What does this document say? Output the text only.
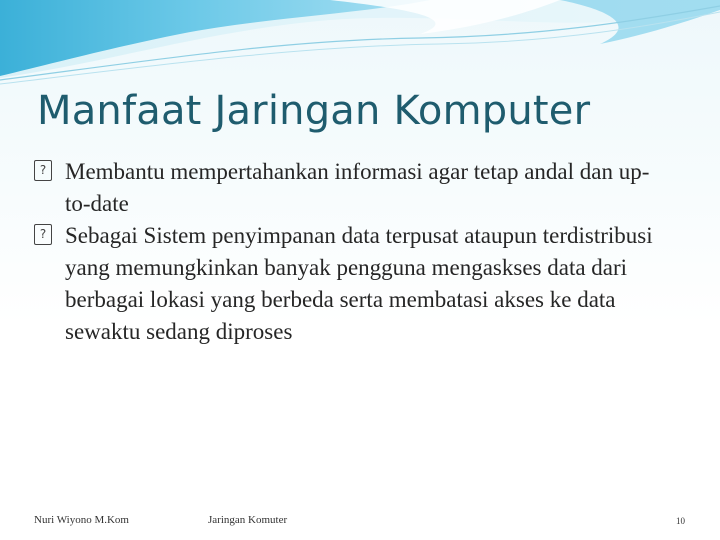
Manfaat Jaringan Komputer
? Membantu mempertahankan informasi agar tetap andal dan up-to-date
? Sebagai Sistem penyimpanan data terpusat ataupun terdistribusi yang memungkinkan banyak pengguna mengaskses data dari berbagai lokasi yang berbeda serta membatasi akses ke data sewaktu sedang diproses
Nuri Wiyono M.Kom	Jaringan Komuter	10
